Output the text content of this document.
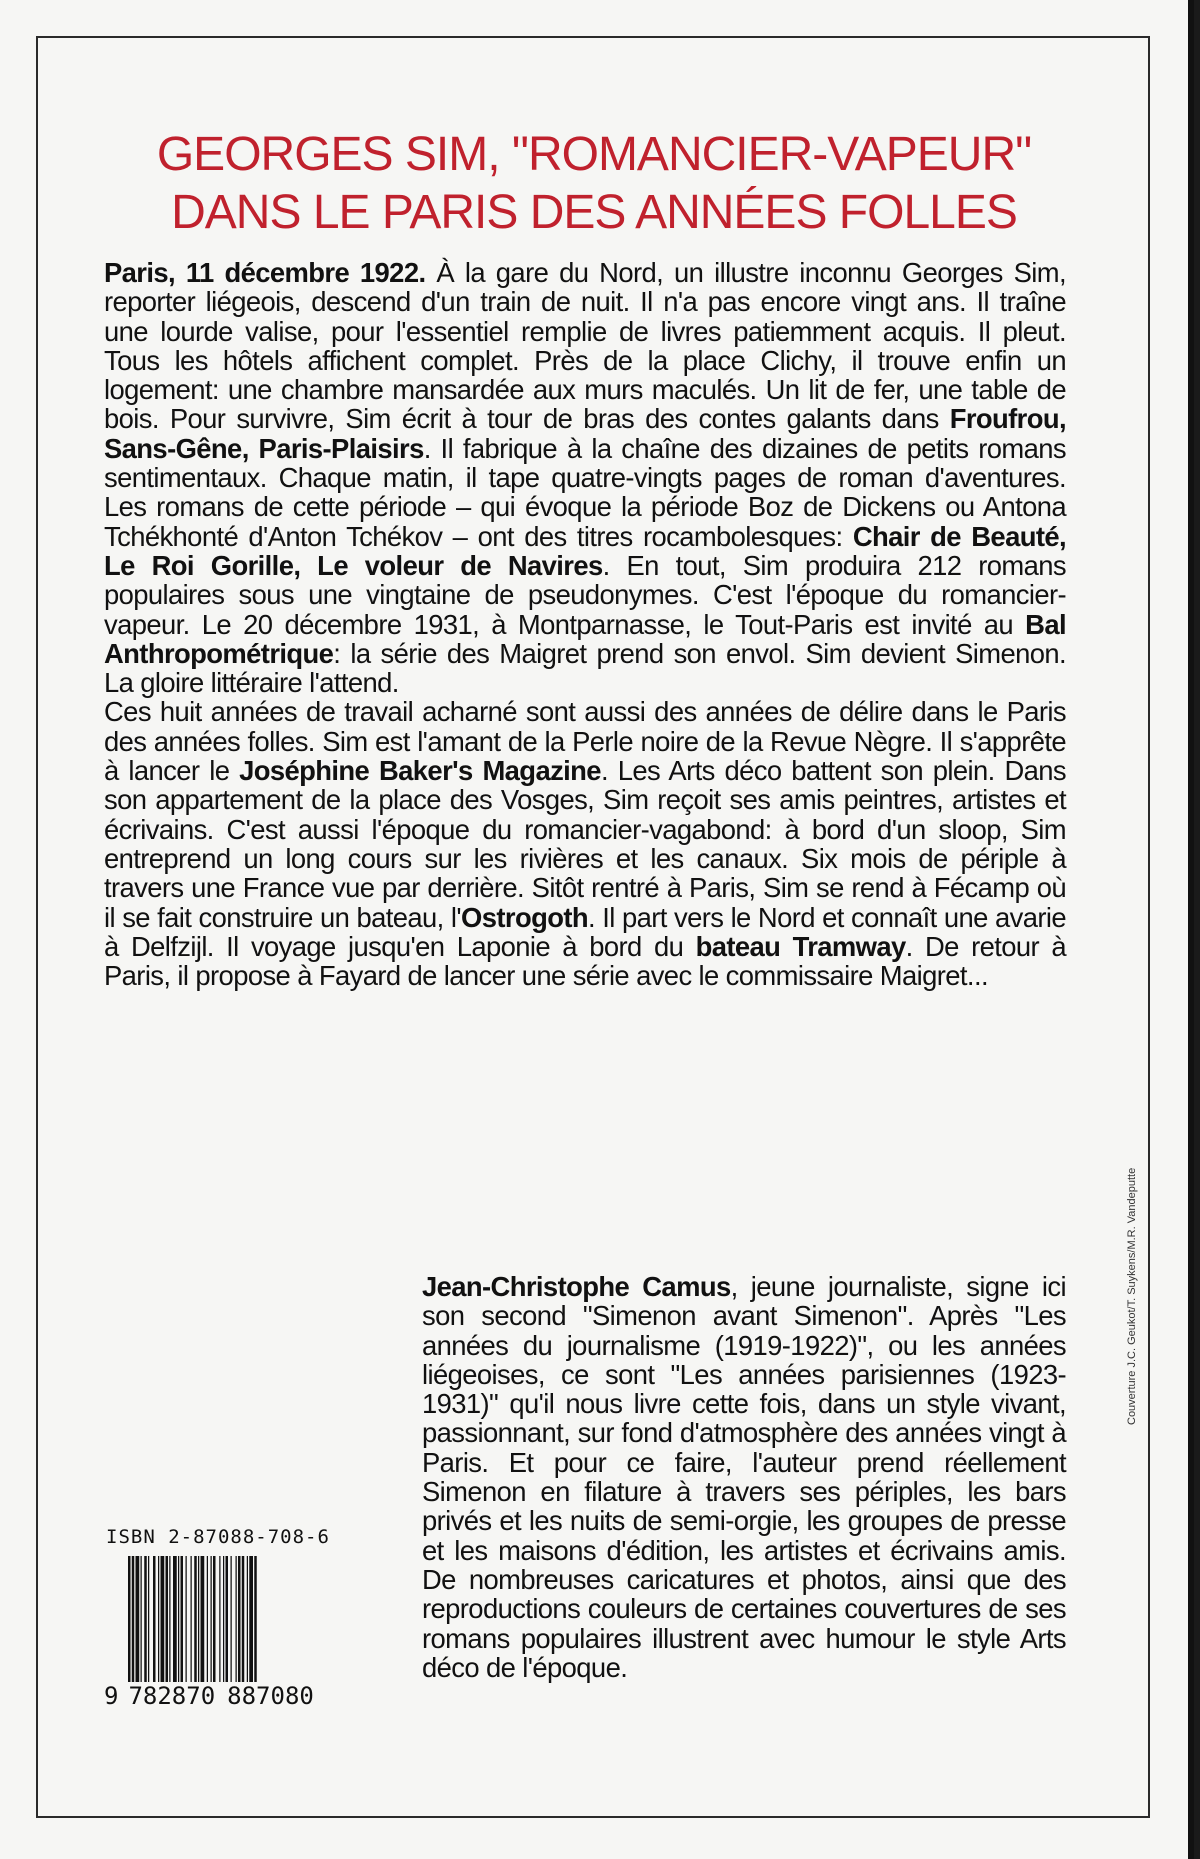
GEORGES SIM, "ROMANCIER-VAPEUR"
DANS LE PARIS DES ANNÉES FOLLES

Paris, 11 décembre 1922. À la gare du Nord, un illustre inconnu Georges Sim, reporter liégeois, descend d'un train de nuit. Il n'a pas encore vingt ans. Il traîne une lourde valise, pour l'essentiel remplie de livres patiemment acquis. Il pleut. Tous les hôtels affichent complet. Près de la place Clichy, il trouve enfin un logement: une chambre mansardée aux murs maculés. Un lit de fer, une table de bois. Pour survivre, Sim écrit à tour de bras des contes galants dans Froufrou, Sans-Gêne, Paris-Plaisirs. Il fabrique à la chaîne des dizaines de petits romans sentimentaux. Chaque matin, il tape quatre-vingts pages de roman d'aventures. Les romans de cette période – qui évoque la période Boz de Dickens ou Antona Tchékhonté d'Anton Tchékov – ont des titres rocambolesques: Chair de Beauté, Le Roi Gorille, Le voleur de Navires. En tout, Sim produira 212 romans populaires sous une vingtaine de pseudonymes. C'est l'époque du romancier-vapeur. Le 20 décembre 1931, à Montparnasse, le Tout-Paris est invité au Bal Anthropométrique: la série des Maigret prend son envol. Sim devient Simenon. La gloire littéraire l'attend.

Ces huit années de travail acharné sont aussi des années de délire dans le Paris des années folles. Sim est l'amant de la Perle noire de la Revue Nègre. Il s'apprête à lancer le Joséphine Baker's Magazine. Les Arts déco battent son plein. Dans son appartement de la place des Vosges, Sim reçoit ses amis peintres, artistes et écrivains. C'est aussi l'époque du romancier-vagabond: à bord d'un sloop, Sim entreprend un long cours sur les rivières et les canaux. Six mois de périple à travers une France vue par derrière. Sitôt rentré à Paris, Sim se rend à Fécamp où il se fait construire un bateau, l'Ostrogoth. Il part vers le Nord et connaît une avarie à Delfzijl. Il voyage jusqu'en Laponie à bord du bateau Tramway. De retour à Paris, il propose à Fayard de lancer une série avec le commissaire Maigret...

Jean-Christophe Camus, jeune journaliste, signe ici son second "Simenon avant Simenon". Après "Les années du journalisme (1919-1922)", ou les années liégeoises, ce sont "Les années parisiennes (1923-1931)" qu'il nous livre cette fois, dans un style vivant, passionnant, sur fond d'atmosphère des années vingt à Paris. Et pour ce faire, l'auteur prend réellement Simenon en filature à travers ses périples, les bars privés et les nuits de semi-orgie, les groupes de presse et les maisons d'édition, les artistes et écrivains amis. De nombreuses caricatures et photos, ainsi que des reproductions couleurs de certaines couvertures de ses romans populaires illustrent avec humour le style Arts déco de l'époque.

ISBN 2-87088-708-6
9 782870 887080
Couverture J.C. Geukot/T. Suykens/M.R. Vandeputte
